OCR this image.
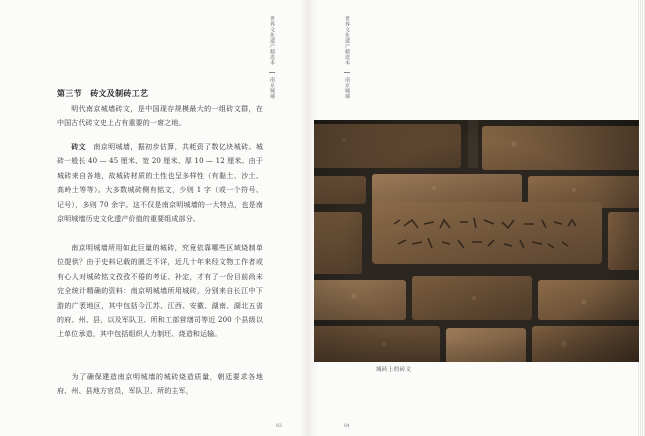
世界文化遗产精选本 南京城墙
世界文化遗产精选本 南京城墙
第三节　砖文及制砖工艺

明代南京城墙砖文，是中国现存规模最大的一组砖文群，在中国古代砖文史上占有重要的一席之地。

砖文　南京明城墙，据初步估算，共耗资了数亿块城砖。城砖一般长 40 — 45 厘米、宽 20 厘米、厚 10 — 12 厘米。由于城砖来自各地，故城砖材质的土性也呈多样性（有黏土、沙土、高岭土等等）。大多数城砖侧有铭文，少则 1 字（或一个符号、记号），多则 70 余字。这不仅是南京明城墙的一大特点，也是南京明城墙历史文化遗产价值的重要组成部分。

南京明城墙所用如此巨量的城砖，究竟依靠哪些区域烧制单位提供？由于史料记载的匮乏不详，近几十年来经文物工作者或有心人对城砖铭文孜孜不倦的考证、补定，才有了一份目前尚未完全统计精确的资料：南京明城墙所用城砖，分别来自长江中下游的广袤地区，其中包括今江苏、江西、安徽、湖南、湖北五省的府、州、县，以及军队卫、所和工部营缮司等近 200 个县级以上单位承造，其中包括组织人力制坯、烧造和运输。

为了确保建造南京明城墙的城砖烧造质量，朝廷要求各地府、州、县地方官员，军队卫、所的主军，

83
城砖上的砖文
84
